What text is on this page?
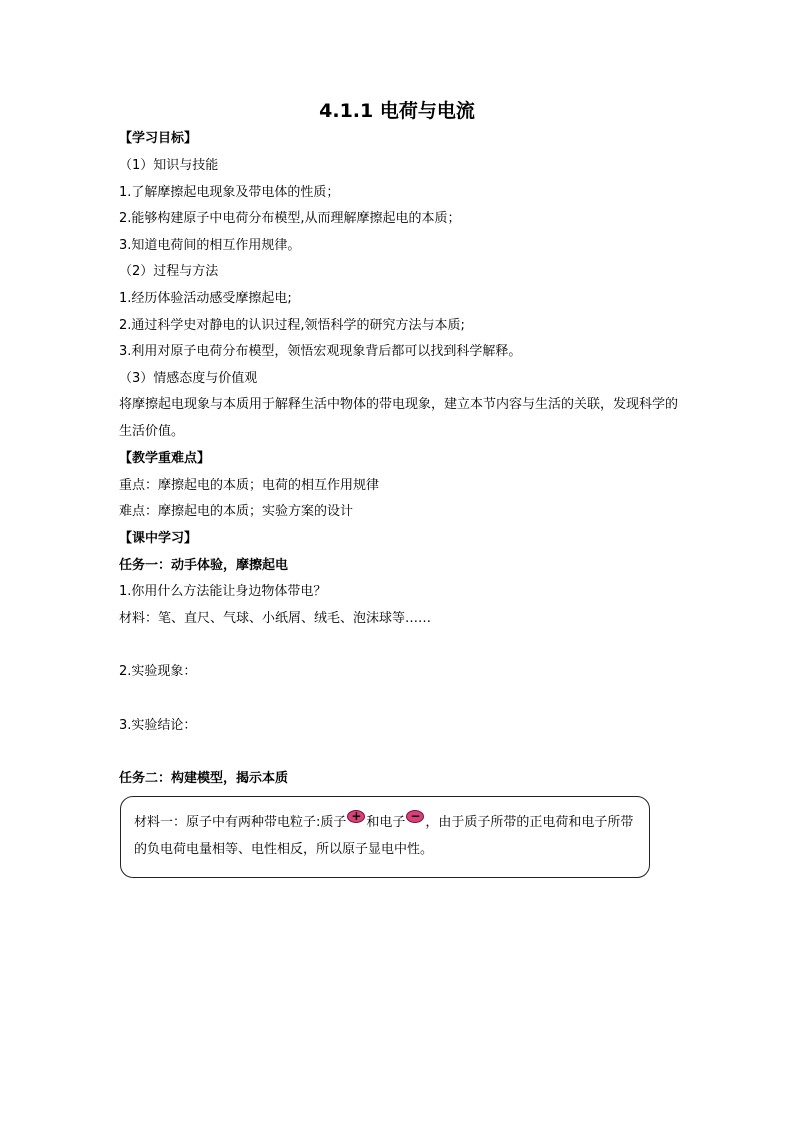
4.1.1 电荷与电流
【学习目标】
（1）知识与技能
1.了解摩擦起电现象及带电体的性质；
2.能够构建原子中电荷分布模型,从而理解摩擦起电的本质；
3.知道电荷间的相互作用规律。
（2）过程与方法
1.经历体验活动感受摩擦起电;
2.通过科学史对静电的认识过程,领悟科学的研究方法与本质;
3.利用对原子电荷分布模型，领悟宏观现象背后都可以找到科学解释。
（3）情感态度与价值观
将摩擦起电现象与本质用于解释生活中物体的带电现象，建立本节内容与生活的关联，发现科学的生活价值。
【教学重难点】
重点：摩擦起电的本质；电荷的相互作用规律
难点：摩擦起电的本质；实验方案的设计
【课中学习】
任务一：动手体验，摩擦起电
1.你用什么方法能让身边物体带电？
材料：笔、直尺、气球、小纸屑、绒毛、泡沫球等……
2.实验现象：
3.实验结论：
任务二：构建模型，揭示本质
材料一：原子中有两种带电粒子:质子 + 和电子 − ，由于质子所带的正电荷和电子所带的负电荷电量相等、电性相反，所以原子显电中性。
